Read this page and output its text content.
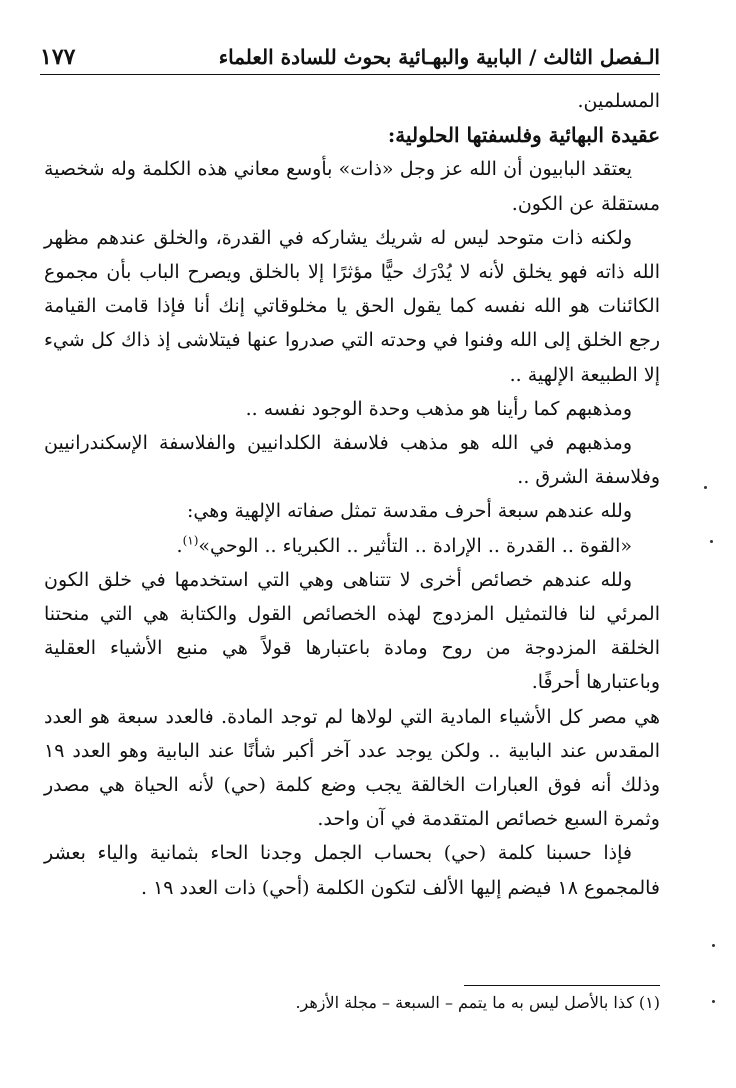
الـفصل الثالث / البابية والبهـائية بحوث للسادة العلماء
١٧٧

المسلمين.

عقيدة البهائية وفلسفتها الحلولية:

يعتقد البابيون أن الله عز وجل «ذات» بأوسع معاني هذه الكلمة وله شخصية مستقلة عن الكون.

ولكنه ذات متوحد ليس له شريك يشاركه في القدرة، والخلق عندهم مظهر الله ذاته فهو يخلق لأنه لا يُدْرَك حيًّا مؤثرًا إلا بالخلق ويصرح الباب بأن مجموع الكائنات هو الله نفسه كما يقول الحق يا مخلوقاتي إنك أنا فإذا قامت القيامة رجع الخلق إلى الله وفنوا في وحدته التي صدروا عنها فيتلاشى إذ ذاك كل شيء إلا الطبيعة الإلهية ..

ومذهبهم كما رأينا هو مذهب وحدة الوجود نفسه ..

ومذهبهم في الله هو مذهب فلاسفة الكلدانيين والفلاسفة الإسكندرانيين وفلاسفة الشرق ..

ولله عندهم سبعة أحرف مقدسة تمثل صفاته الإلهية وهي:

«القوة .. القدرة .. الإرادة .. التأثير .. الكبرياء .. الوحي»$^{(١)}$.

ولله عندهم خصائص أخرى لا تتناهى وهي التي استخدمها في خلق الكون المرئي لنا فالتمثيل المزدوج لهذه الخصائص القول والكتابة هي التي منحتنا الخلقة المزدوجة من روح ومادة باعتبارها قولاً هي منبع الأشياء العقلية وباعتبارها أحرفًا.

هي مصر كل الأشياء المادية التي لولاها لم توجد المادة. فالعدد سبعة هو العدد المقدس عند البابية .. ولكن يوجد عدد آخر أكبر شأنًا عند البابية وهو العدد ١٩ وذلك أنه فوق العبارات الخالقة يجب وضع كلمة (حي) لأنه الحياة هي مصدر وثمرة السبع خصائص المتقدمة في آن واحد.

فإذا حسبنا كلمة (حي) بحساب الجمل وجدنا الحاء بثمانية والياء بعشر فالمجموع ١٨ فيضم إليها الألف لتكون الكلمة (أحي) ذات العدد ١٩ .

(١) كذا بالأصل ليس به ما يتمم – السبعة – مجلة الأزهر.
